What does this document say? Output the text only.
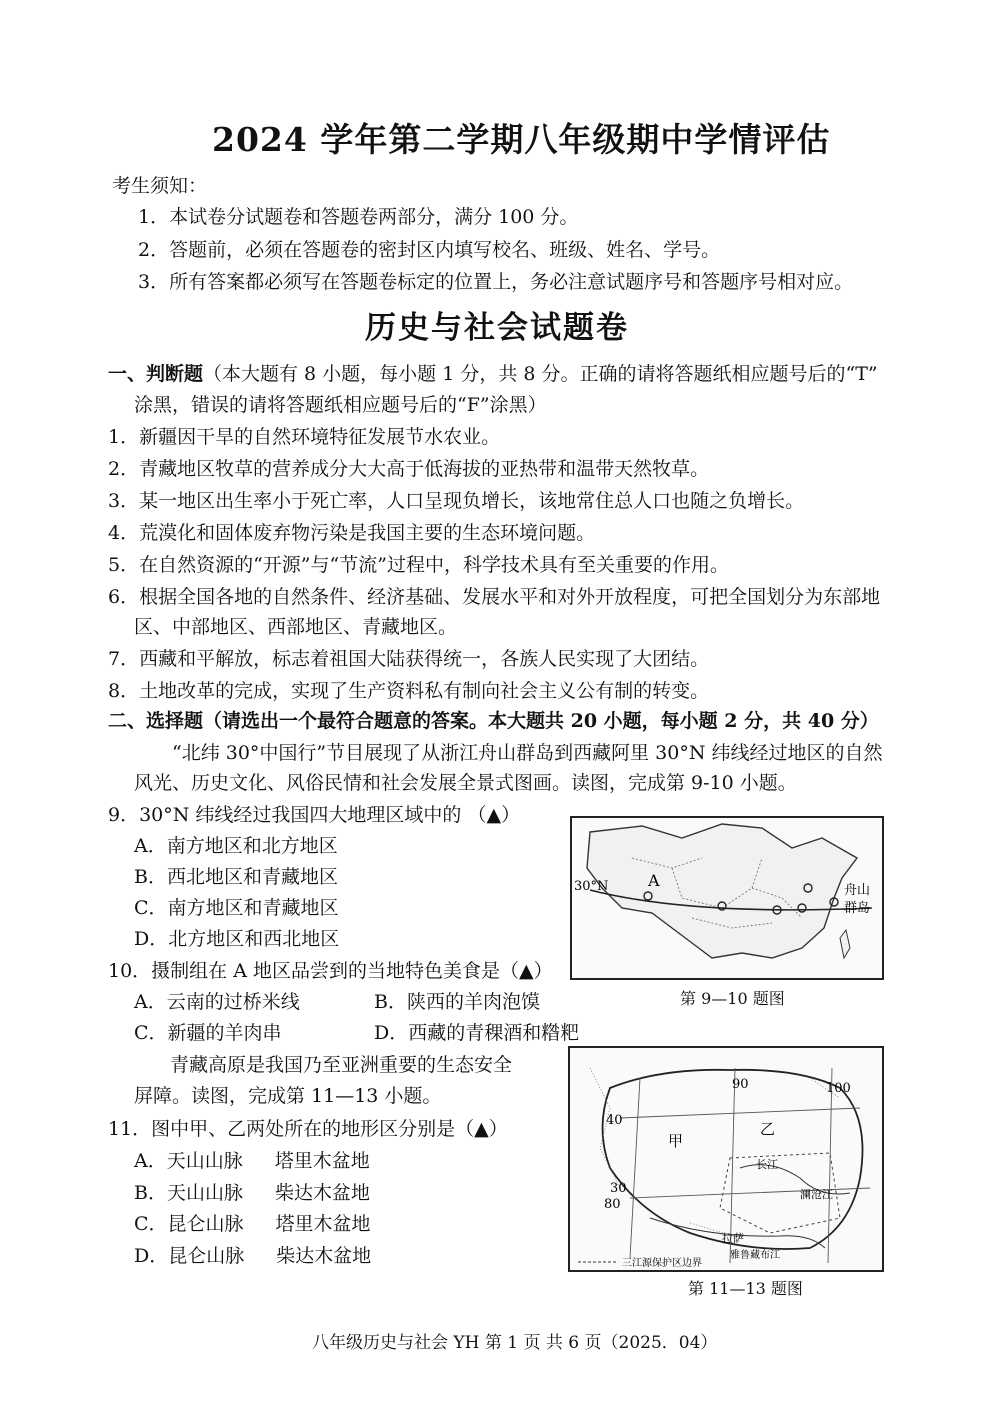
2024 学年第二学期八年级期中学情评估
考生须知：
1．本试卷分试题卷和答题卷两部分，满分 100 分。
2．答题前，必须在答题卷的密封区内填写校名、班级、姓名、学号。
3．所有答案都必须写在答题卷标定的位置上，务必注意试题序号和答题序号相对应。
历史与社会试题卷
一、判断题（本大题有 8 小题，每小题 1 分，共 8 分。正确的请将答题纸相应题号后的“T”
涂黑，错误的请将答题纸相应题号后的“F”涂黑）
1．新疆因干旱的自然环境特征发展节水农业。
2．青藏地区牧草的营养成分大大高于低海拔的亚热带和温带天然牧草。
3．某一地区出生率小于死亡率，人口呈现负增长，该地常住总人口也随之负增长。
4．荒漠化和固体废弃物污染是我国主要的生态环境问题。
5．在自然资源的“开源”与“节流”过程中，科学技术具有至关重要的作用。
6．根据全国各地的自然条件、经济基础、发展水平和对外开放程度，可把全国划分为东部地
区、中部地区、西部地区、青藏地区。
7．西藏和平解放，标志着祖国大陆获得统一，各族人民实现了大团结。
8．土地改革的完成，实现了生产资料私有制向社会主义公有制的转变。
二、选择题（请选出一个最符合题意的答案。本大题共 20 小题，每小题 2 分，共 40 分）
“北纬 30°中国行”节目展现了从浙江舟山群岛到西藏阿里 30°N 纬线经过地区的自然
风光、历史文化、风俗民情和社会发展全景式图画。读图，完成第 9-10 小题。
9．30°N 纬线经过我国四大地理区域中的 （▲）
A．南方地区和北方地区
B．西北地区和青藏地区
C．南方地区和青藏地区
D．北方地区和西北地区
10．摄制组在 A 地区品尝到的当地特色美食是（▲）
A．云南的过桥米线	B．陕西的羊肉泡馍
C．新疆的羊肉串	D．西藏的青稞酒和糌粑
青藏高原是我国乃至亚洲重要的生态安全
屏障。读图，完成第 11—13 小题。
11．图中甲、乙两处所在的地形区分别是（▲）
A．天山山脉 塔里木盆地
B．天山山脉 柴达木盆地
C．昆仑山脉 塔里木盆地
D．昆仑山脉 柴达木盆地
30°N A
舟山
群岛
第 9—10 题图
甲
乙
90	100
80
40
30
长江
澜沧江
拉萨
雅鲁藏布江
三江源保护区边界
第 11—13 题图
八年级历史与社会 YH 第 1 页 共 6 页（2025．04）
